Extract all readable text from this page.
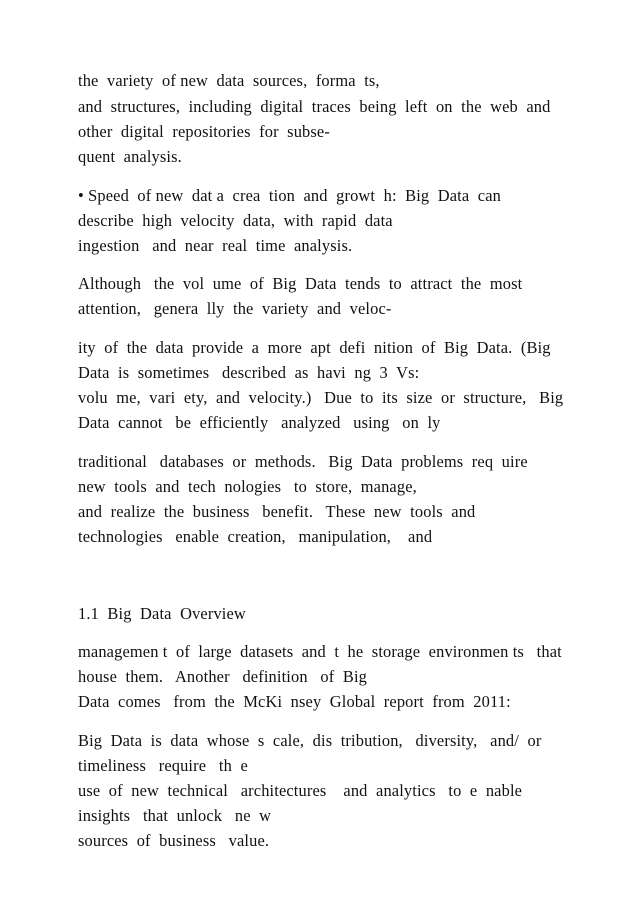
the  variety  of new  data  sources,  forma  ts,
and  structures,  including  digital  traces  being  left  on  the  web  and
other  digital  repositories  for  subse-
quent  analysis.
• Speed  of new  dat a  crea  tion  and  growt  h:  Big  Data  can
describe  high  velocity  data,  with  rapid  data
ingestion   and  near  real  time  analysis.
Although   the  vol  ume  of  Big  Data  tends  to  attract  the  most
attention,   genera  lly  the  variety  and  veloc-
ity  of  the  data  provide  a  more  apt  defi  nition  of  Big  Data.  (Big
Data  is  sometimes   described  as  havi  ng  3  Vs:
volu  me,  vari  ety,  and  velocity.)   Due  to  its  size  or  structure,   Big
Data  cannot   be  efficiently   analyzed   using   on  ly
traditional   databases  or  methods.   Big  Data  problems  req  uire
new  tools  and  tech  nologies   to  store,  manage,
and  realize  the  business   benefit.   These  new  tools  and
technologies   enable  creation,   manipulation,    and
1.1  Big  Data  Overview
managemen t  of  large  datasets  and  t  he  storage  environmen ts   that
house  them.   Another   definition   of  Big
Data  comes   from  the  McKi  nsey  Global  report  from  2011:
Big  Data  is  data  whose  s  cale,  dis  tribution,   diversity,   and/  or
timeliness   require   th  e
use  of  new  technical   architectures    and  analytics   to  e  nable
insights   that  unlock   ne  w
sources  of  business   value.
